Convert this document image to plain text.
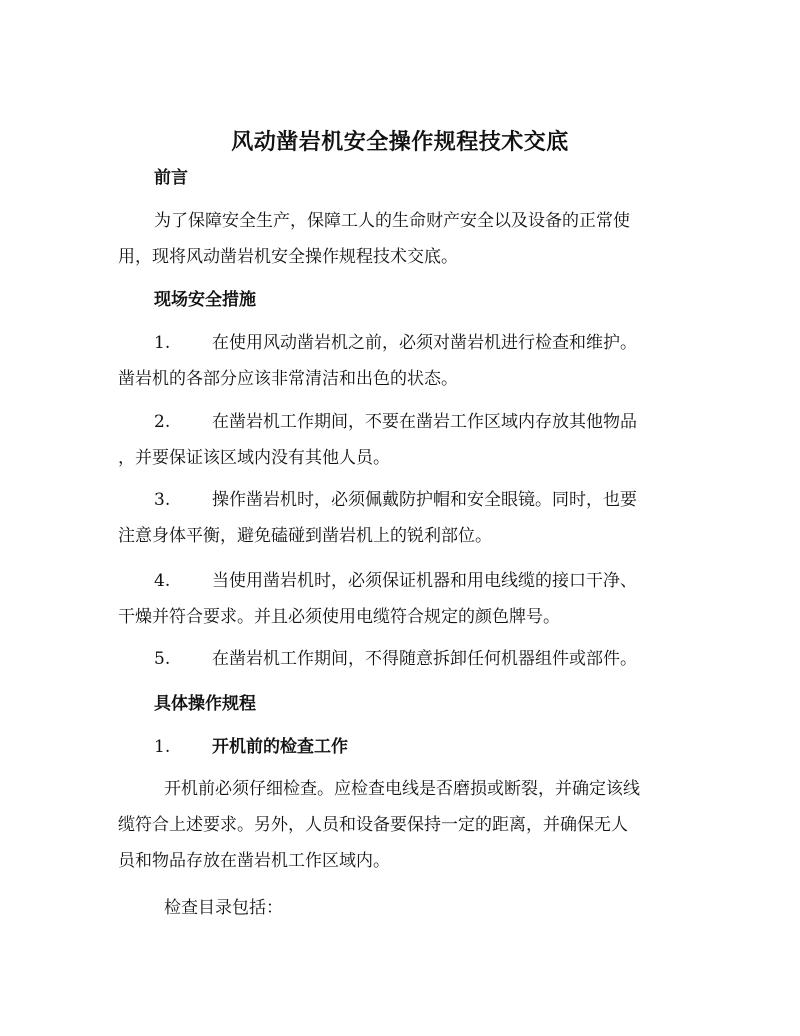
风动凿岩机安全操作规程技术交底
前言
为了保障安全生产，保障工人的生命财产安全以及设备的正常使
用，现将风动凿岩机安全操作规程技术交底。
现场安全措施
1. 在使用风动凿岩机之前，必须对凿岩机进行检查和维护。
凿岩机的各部分应该非常清洁和出色的状态。
2. 在凿岩机工作期间，不要在凿岩工作区域内存放其他物品
，并要保证该区域内没有其他人员。
3. 操作凿岩机时，必须佩戴防护帽和安全眼镜。同时，也要
注意身体平衡，避免磕碰到凿岩机上的锐利部位。
4. 当使用凿岩机时，必须保证机器和用电线缆的接口干净、
干燥并符合要求。并且必须使用电缆符合规定的颜色牌号。
5. 在凿岩机工作期间，不得随意拆卸任何机器组件或部件。
具体操作规程
1. 开机前的检查工作
开机前必须仔细检查。应检查电线是否磨损或断裂，并确定该线
缆符合上述要求。另外，人员和设备要保持一定的距离，并确保无人
员和物品存放在凿岩机工作区域内。
检查目录包括：
